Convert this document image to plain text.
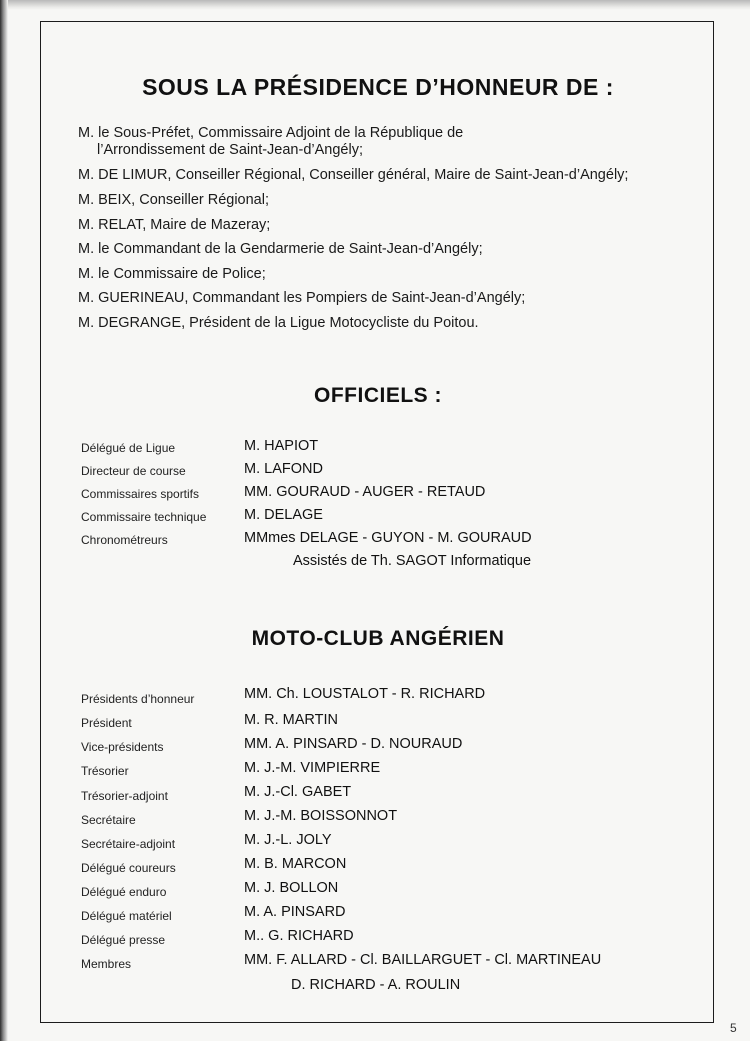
SOUS LA PRÉSIDENCE D’HONNEUR DE :
M. le Sous-Préfet, Commissaire Adjoint de la République de
l’Arrondissement de Saint-Jean-d’Angély;
M. DE LIMUR, Conseiller Régional, Conseiller général, Maire de Saint-Jean-d’Angély;
M. BEIX, Conseiller Régional;
M. RELAT, Maire de Mazeray;
M. le Commandant de la Gendarmerie de Saint-Jean-d’Angély;
M. le Commissaire de Police;
M. GUERINEAU, Commandant les Pompiers de Saint-Jean-d’Angély;
M. DEGRANGE, Président de la Ligue Motocycliste du Poitou.
OFFICIELS :
Délégué de Ligue	M. HAPIOT
Directeur de course	M. LAFOND
Commissaires sportifs	MM. GOURAUD - AUGER - RETAUD
Commissaire technique	M. DELAGE
Chronométreurs	MMmes DELAGE - GUYON - M. GOURAUD
Assistés de Th. SAGOT Informatique
MOTO-CLUB ANGÉRIEN
Présidents d’honneur	MM. Ch. LOUSTALOT - R. RICHARD
Président	M. R. MARTIN
Vice-présidents	MM. A. PINSARD - D. NOURAUD
Trésorier	M. J.-M. VIMPIERRE
Trésorier-adjoint	M. J.-Cl. GABET
Secrétaire	M. J.-M. BOISSONNOT
Secrétaire-adjoint	M. J.-L. JOLY
Délégué coureurs	M. B. MARCON
Délégué enduro	M. J. BOLLON
Délégué matériel	M. A. PINSARD
Délégué presse	M.. G. RICHARD
Membres	MM. F. ALLARD - Cl. BAILLARGUET - Cl. MARTINEAU
D. RICHARD - A. ROULIN
5
